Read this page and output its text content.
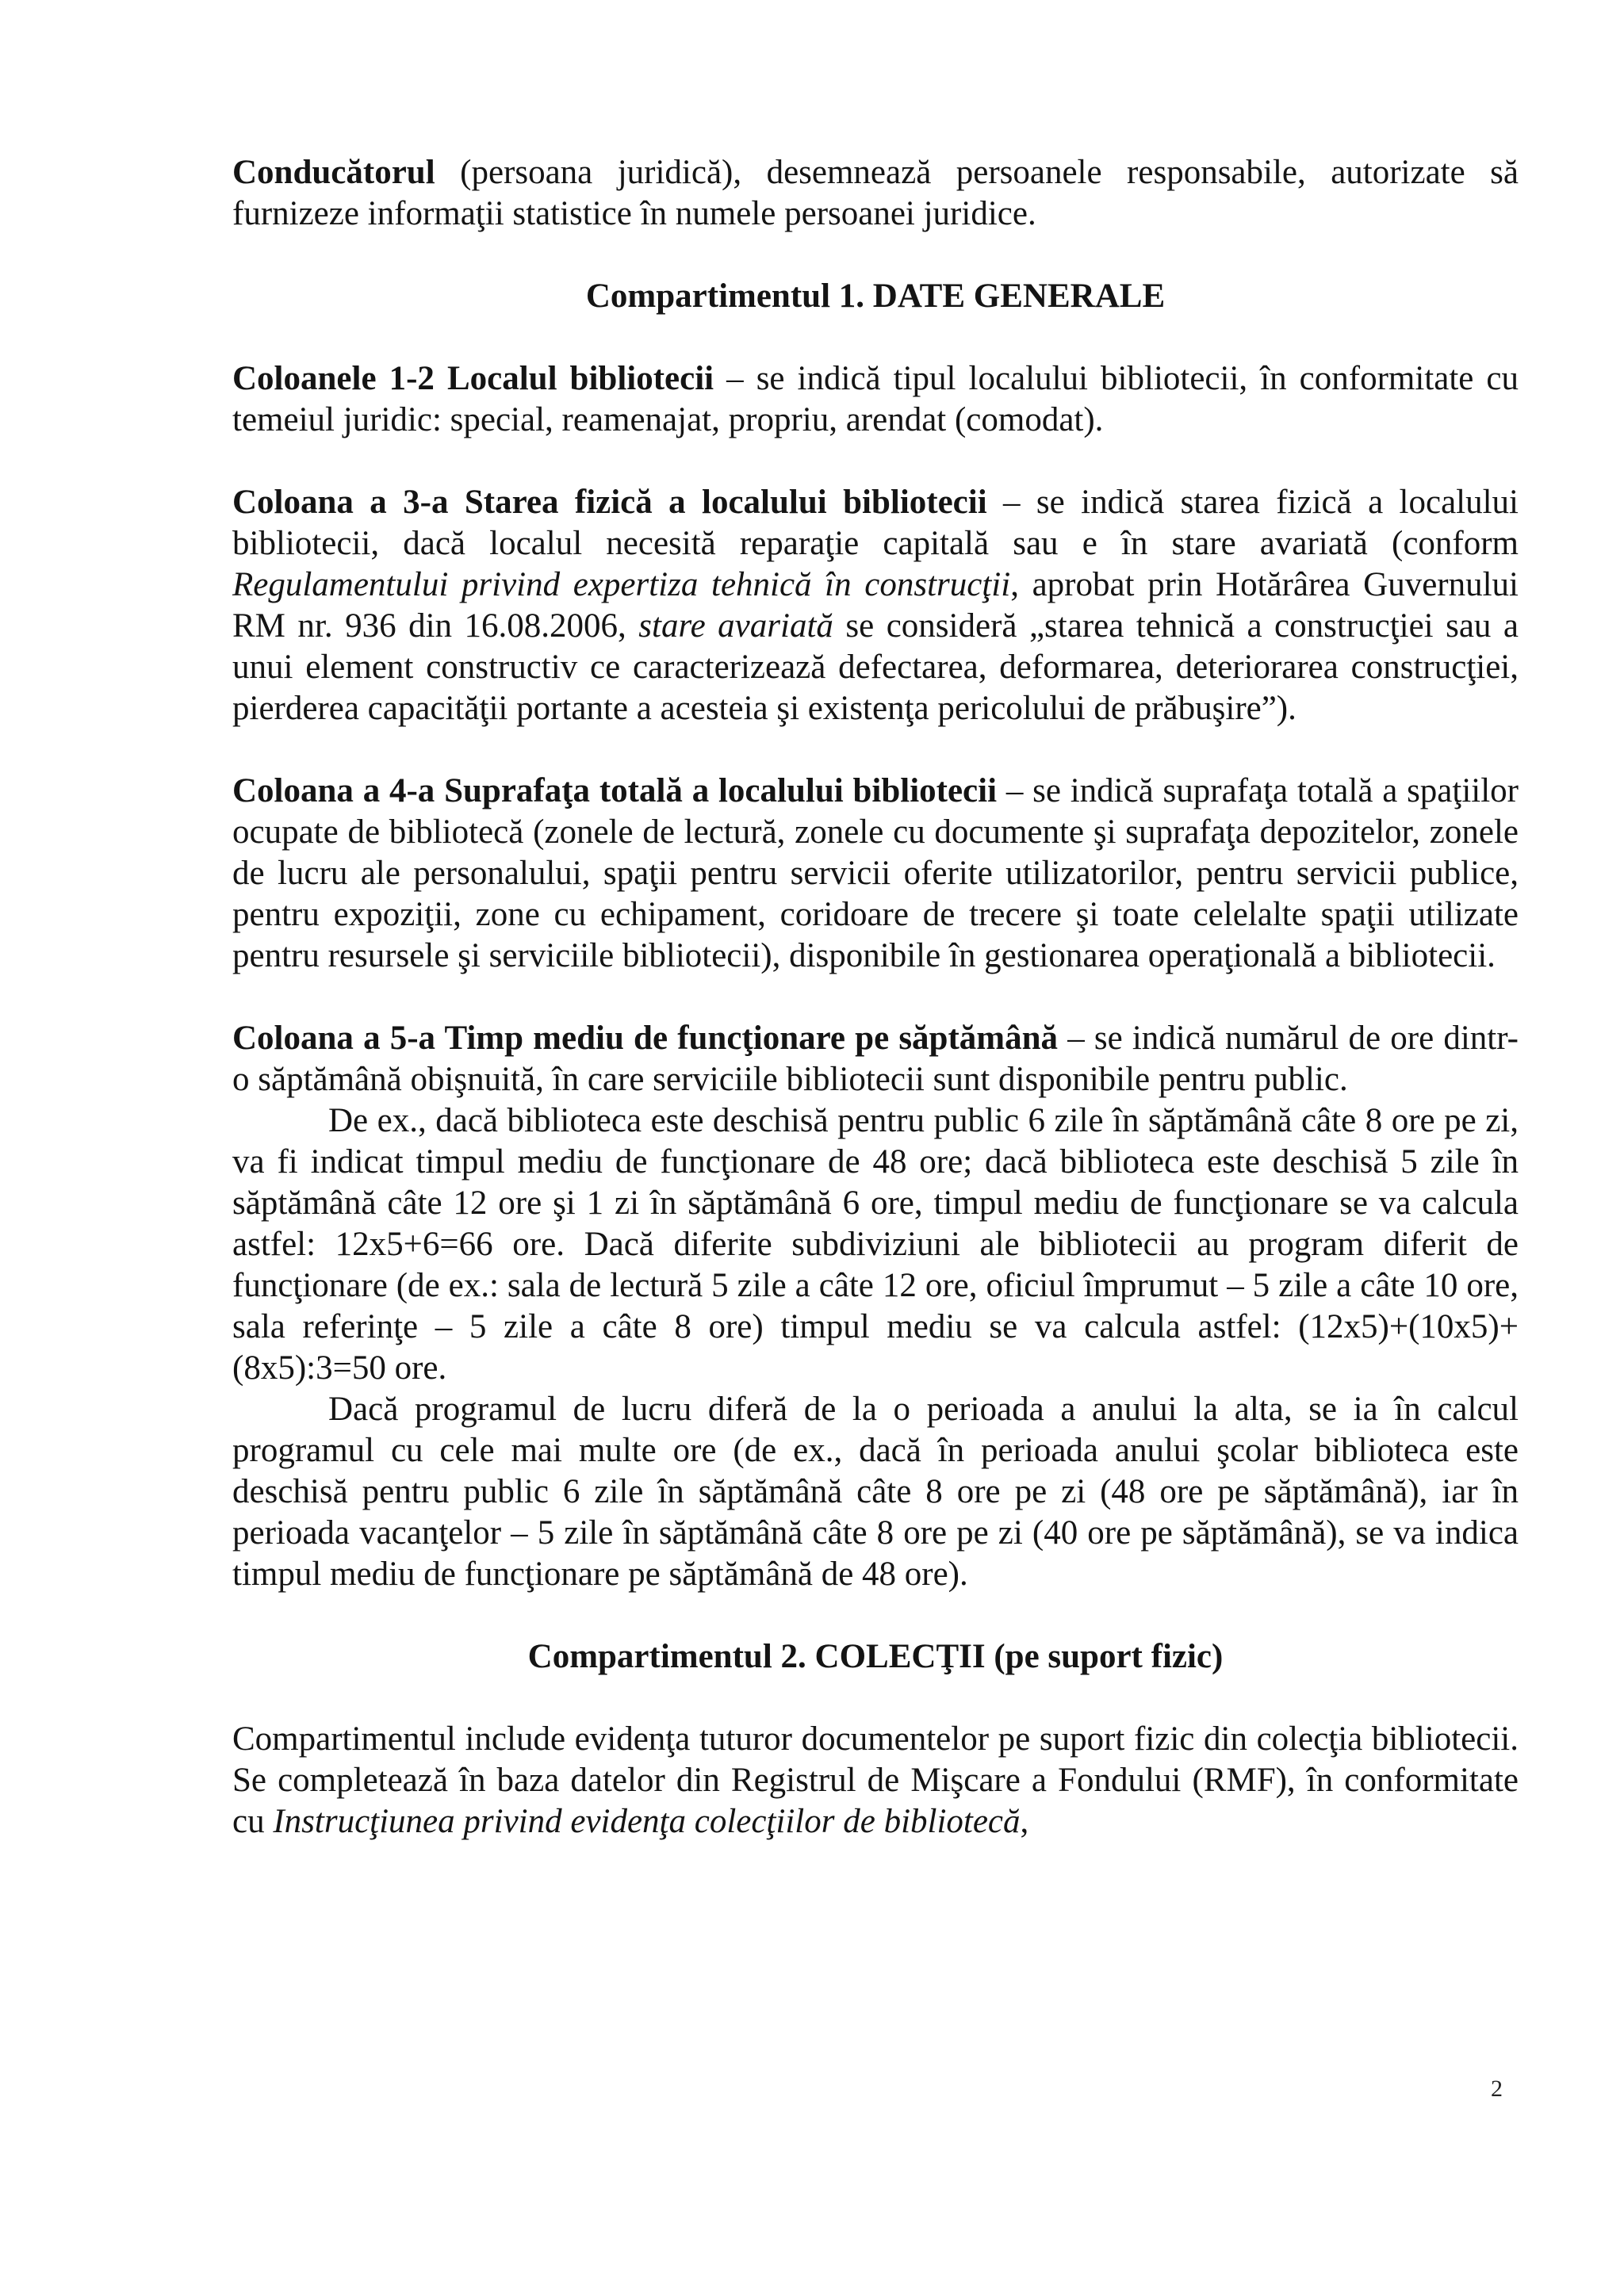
Conducătorul (persoana juridică), desemnează persoanele responsabile, autorizate să furnizeze informaţii statistice în numele persoanei juridice.

Compartimentul 1. DATE GENERALE

Coloanele 1-2 Localul bibliotecii – se indică tipul localului bibliotecii, în conformitate cu temeiul juridic: special, reamenajat, propriu, arendat (comodat).

Coloana a 3-a Starea fizică a localului bibliotecii – se indică starea fizică a localului bibliotecii, dacă localul necesită reparaţie capitală sau e în stare avariată (conform Regulamentului privind expertiza tehnică în construcţii, aprobat prin Hotărârea Guvernului RM nr. 936 din 16.08.2006, stare avariată se consideră „starea tehnică a construcţiei sau a unui element constructiv ce caracterizează defectarea, deformarea, deteriorarea construcţiei, pierderea capacităţii portante a acesteia şi existenţa pericolului de prăbuşire”).

Coloana a 4-a Suprafaţa totală a localului bibliotecii – se indică suprafaţa totală a spaţiilor ocupate de bibliotecă (zonele de lectură, zonele cu documente şi suprafaţa depozitelor, zonele de lucru ale personalului, spaţii pentru servicii oferite utilizatorilor, pentru servicii publice, pentru expoziţii, zone cu echipament, coridoare de trecere şi toate celelalte spaţii utilizate pentru resursele şi serviciile bibliotecii), disponibile în gestionarea operaţională a bibliotecii.

Coloana a 5-a Timp mediu de funcţionare pe săptămână – se indică numărul de ore dintr-o săptămână obişnuită, în care serviciile bibliotecii sunt disponibile pentru public.

De ex., dacă biblioteca este deschisă pentru public 6 zile în săptămână câte 8 ore pe zi, va fi indicat timpul mediu de funcţionare de 48 ore; dacă biblioteca este deschisă 5 zile în săptămână câte 12 ore şi 1 zi în săptămână 6 ore, timpul mediu de funcţionare se va calcula astfel: 12x5+6=66 ore. Dacă diferite subdiviziuni ale bibliotecii au program diferit de funcţionare (de ex.: sala de lectură 5 zile a câte 12 ore, oficiul împrumut – 5 zile a câte 10 ore, sala referinţe – 5 zile a câte 8 ore) timpul mediu se va calcula astfel: (12x5)+(10x5)+(8x5):3=50 ore.

Dacă programul de lucru diferă de la o perioada a anului la alta, se ia în calcul programul cu cele mai multe ore (de ex., dacă în perioada anului şcolar biblioteca este deschisă pentru public 6 zile în săptămână câte 8 ore pe zi (48 ore pe săptămână), iar în perioada vacanţelor – 5 zile în săptămână câte 8 ore pe zi (40 ore pe săptămână), se va indica timpul mediu de funcţionare pe săptămână de 48 ore).

Compartimentul 2. COLECŢII (pe suport fizic)

Compartimentul include evidenţa tuturor documentelor pe suport fizic din colecţia bibliotecii. Se completează în baza datelor din Registrul de Mişcare a Fondului (RMF), în conformitate cu Instrucţiunea privind evidenţa colecţiilor de bibliotecă,

2
